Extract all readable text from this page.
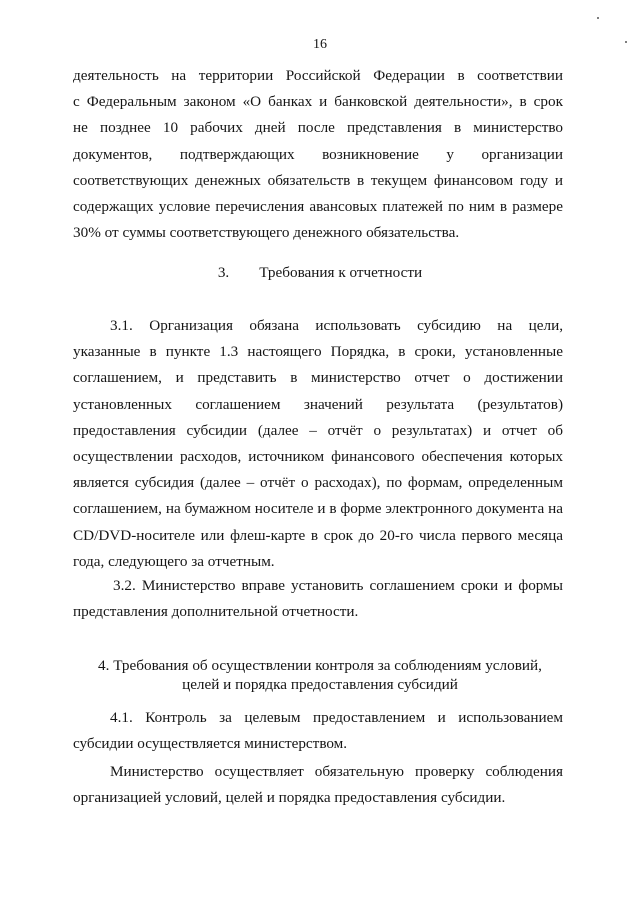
16
деятельность на территории Российской Федерации в соответствии
с Федеральным законом «О банках и банковской деятельности», в срок
не позднее 10 рабочих дней после представления в министерство
документов, подтверждающих возникновение у организации
соответствующих денежных обязательств в текущем финансовом году и
содержащих условие перечисления авансовых платежей по ним в размере
30% от суммы соответствующего денежного обязательства.
3. Требования к отчетности
3.1. Организация обязана использовать субсидию на цели,
указанные в пункте 1.3 настоящего Порядка, в сроки, установленные
соглашением, и представить в министерство отчет о достижении
установленных соглашением значений результата (результатов)
предоставления субсидии (далее – отчёт о результатах) и отчет об
осуществлении расходов, источником финансового обеспечения которых
является субсидия (далее – отчёт о расходах), по формам, определенным
соглашением, на бумажном носителе и в форме электронного документа на
CD/DVD-носителе или флеш-карте в срок до 20-го числа первого месяца
года, следующего за отчетным.
3.2. Министерство вправе установить соглашением сроки и формы
представления дополнительной отчетности.
4. Требования об осуществлении контроля за соблюдениям условий,
целей и порядка предоставления субсидий
4.1. Контроль за целевым предоставлением и использованием
субсидии осуществляется министерством.
Министерство осуществляет обязательную проверку соблюдения
организацией условий, целей и порядка предоставления субсидии.
